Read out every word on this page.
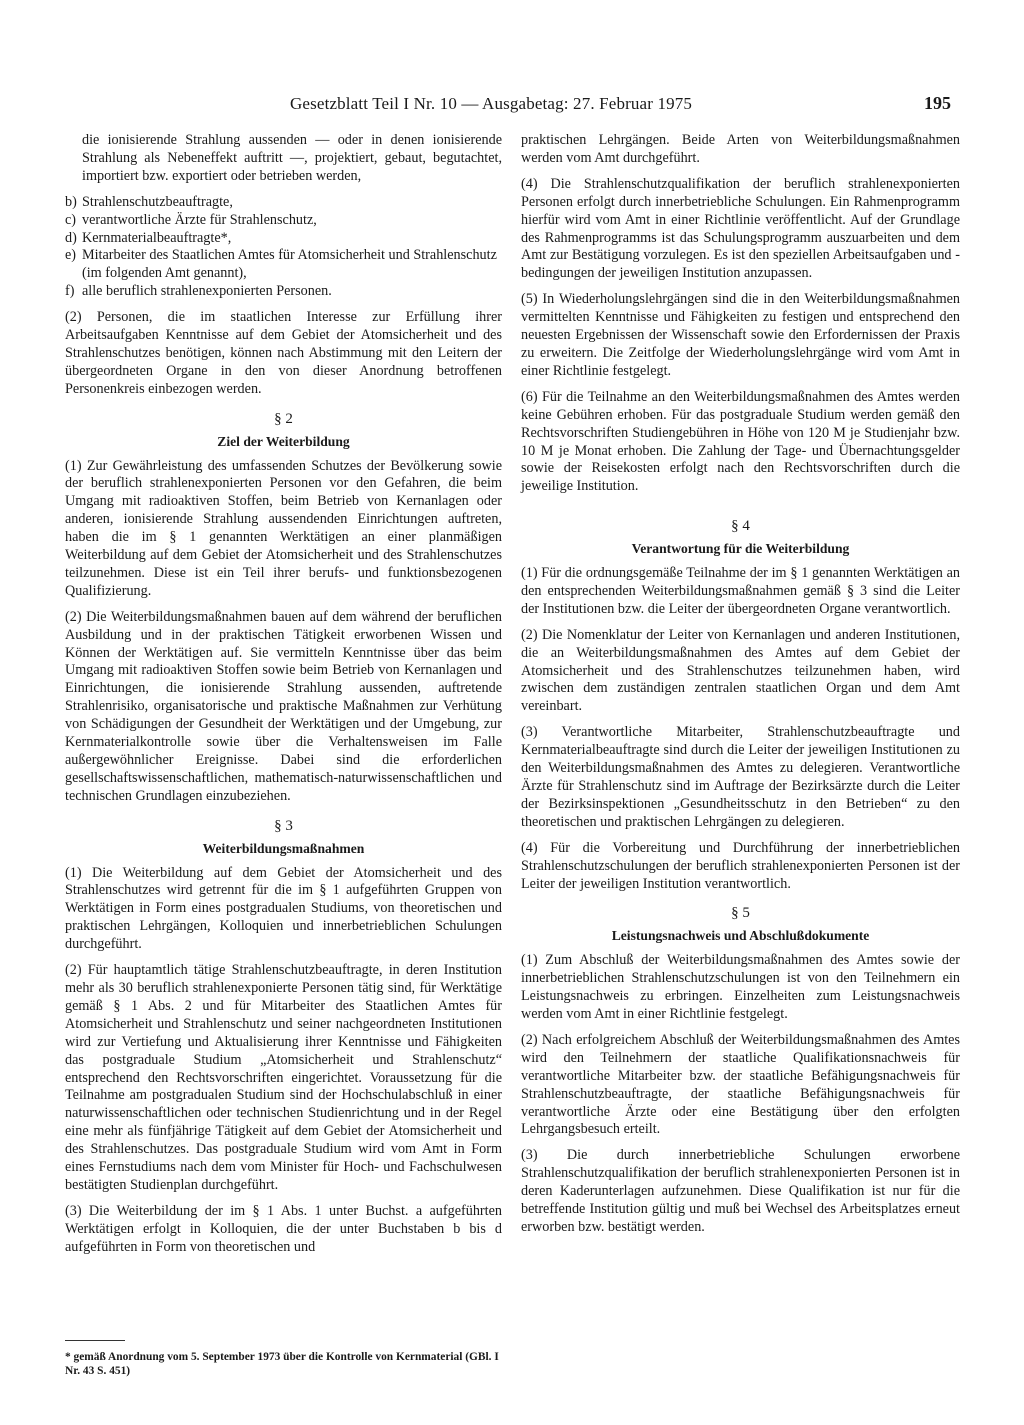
Gesetzblatt Teil I Nr. 10 — Ausgabetag: 27. Februar 1975	195

die ionisierende Strahlung aussenden — oder in denen ionisierende Strahlung als Nebeneffekt auftritt —, projektiert, gebaut, begutachtet, importiert bzw. exportiert oder betrieben werden,

b) Strahlenschutzbeauftragte,
c) verantwortliche Ärzte für Strahlenschutz,
d) Kernmaterialbeauftragte*,
e) Mitarbeiter des Staatlichen Amtes für Atomsicherheit und Strahlenschutz (im folgenden Amt genannt),
f) alle beruflich strahlenexponierten Personen.

(2) Personen, die im staatlichen Interesse zur Erfüllung ihrer Arbeitsaufgaben Kenntnisse auf dem Gebiet der Atomsicherheit und des Strahlenschutzes benötigen, können nach Abstimmung mit den Leitern der übergeordneten Organe in den von dieser Anordnung betroffenen Personenkreis einbezogen werden.

§ 2
Ziel der Weiterbildung

(1) Zur Gewährleistung des umfassenden Schutzes der Bevölkerung sowie der beruflich strahlenexponierten Personen vor den Gefahren, die beim Umgang mit radioaktiven Stoffen, beim Betrieb von Kernanlagen oder anderen, ionisierende Strahlung aussendenden Einrichtungen auftreten, haben die im § 1 genannten Werktätigen an einer planmäßigen Weiterbildung auf dem Gebiet der Atomsicherheit und des Strahlenschutzes teilzunehmen. Diese ist ein Teil ihrer berufs- und funktionsbezogenen Qualifizierung.

(2) Die Weiterbildungsmaßnahmen bauen auf dem während der beruflichen Ausbildung und in der praktischen Tätigkeit erworbenen Wissen und Können der Werktätigen auf. Sie vermitteln Kenntnisse über das beim Umgang mit radioaktiven Stoffen sowie beim Betrieb von Kernanlagen und Einrichtungen, die ionisierende Strahlung aussenden, auftretende Strahlenrisiko, organisatorische und praktische Maßnahmen zur Verhütung von Schädigungen der Gesundheit der Werktätigen und der Umgebung, zur Kernmaterialkontrolle sowie über die Verhaltensweisen im Falle außergewöhnlicher Ereignisse. Dabei sind die erforderlichen gesellschaftswissenschaftlichen, mathematisch-naturwissenschaftlichen und technischen Grundlagen einzubeziehen.

§ 3
Weiterbildungsmaßnahmen

(1) Die Weiterbildung auf dem Gebiet der Atomsicherheit und des Strahlenschutzes wird getrennt für die im § 1 aufgeführten Gruppen von Werktätigen in Form eines postgradualen Studiums, von theoretischen und praktischen Lehrgängen, Kolloquien und innerbetrieblichen Schulungen durchgeführt.

(2) Für hauptamtlich tätige Strahlenschutzbeauftragte, in deren Institution mehr als 30 beruflich strahlenexponierte Personen tätig sind, für Werktätige gemäß § 1 Abs. 2 und für Mitarbeiter des Staatlichen Amtes für Atomsicherheit und Strahlenschutz und seiner nachgeordneten Institutionen wird zur Vertiefung und Aktualisierung ihrer Kenntnisse und Fähigkeiten das postgraduale Studium „Atomsicherheit und Strahlenschutz“ entsprechend den Rechtsvorschriften eingerichtet. Voraussetzung für die Teilnahme am postgradualen Studium sind der Hochschulabschluß in einer naturwissenschaftlichen oder technischen Studienrichtung und in der Regel eine mehr als fünfjährige Tätigkeit auf dem Gebiet der Atomsicherheit und des Strahlenschutzes. Das postgraduale Studium wird vom Amt in Form eines Fernstudiums nach dem vom Minister für Hoch- und Fachschulwesen bestätigten Studienplan durchgeführt.

(3) Die Weiterbildung der im § 1 Abs. 1 unter Buchst. a aufgeführten Werktätigen erfolgt in Kolloquien, die der unter Buchstaben b bis d aufgeführten in Form von theoretischen und

* gemäß Anordnung vom 5. September 1973 über die Kontrolle von Kernmaterial (GBl. I Nr. 43 S. 451)

praktischen Lehrgängen. Beide Arten von Weiterbildungsmaßnahmen werden vom Amt durchgeführt.

(4) Die Strahlenschutzqualifikation der beruflich strahlenexponierten Personen erfolgt durch innerbetriebliche Schulungen. Ein Rahmenprogramm hierfür wird vom Amt in einer Richtlinie veröffentlicht. Auf der Grundlage des Rahmenprogramms ist das Schulungsprogramm auszuarbeiten und dem Amt zur Bestätigung vorzulegen. Es ist den speziellen Arbeitsaufgaben und -bedingungen der jeweiligen Institution anzupassen.

(5) In Wiederholungslehrgängen sind die in den Weiterbildungsmaßnahmen vermittelten Kenntnisse und Fähigkeiten zu festigen und entsprechend den neuesten Ergebnissen der Wissenschaft sowie den Erfordernissen der Praxis zu erweitern. Die Zeitfolge der Wiederholungslehrgänge wird vom Amt in einer Richtlinie festgelegt.

(6) Für die Teilnahme an den Weiterbildungsmaßnahmen des Amtes werden keine Gebühren erhoben. Für das postgraduale Studium werden gemäß den Rechtsvorschriften Studiengebühren in Höhe von 120 M je Studienjahr bzw. 10 M je Monat erhoben. Die Zahlung der Tage- und Übernachtungsgelder sowie der Reisekosten erfolgt nach den Rechtsvorschriften durch die jeweilige Institution.

§ 4
Verantwortung für die Weiterbildung

(1) Für die ordnungsgemäße Teilnahme der im § 1 genannten Werktätigen an den entsprechenden Weiterbildungsmaßnahmen gemäß § 3 sind die Leiter der Institutionen bzw. die Leiter der übergeordneten Organe verantwortlich.

(2) Die Nomenklatur der Leiter von Kernanlagen und anderen Institutionen, die an Weiterbildungsmaßnahmen des Amtes auf dem Gebiet der Atomsicherheit und des Strahlenschutzes teilzunehmen haben, wird zwischen dem zuständigen zentralen staatlichen Organ und dem Amt vereinbart.

(3) Verantwortliche Mitarbeiter, Strahlenschutzbeauftragte und Kernmaterialbeauftragte sind durch die Leiter der jeweiligen Institutionen zu den Weiterbildungsmaßnahmen des Amtes zu delegieren. Verantwortliche Ärzte für Strahlenschutz sind im Auftrage der Bezirksärzte durch die Leiter der Bezirksinspektionen „Gesundheitsschutz in den Betrieben“ zu den theoretischen und praktischen Lehrgängen zu delegieren.

(4) Für die Vorbereitung und Durchführung der innerbetrieblichen Strahlenschutzschulungen der beruflich strahlenexponierten Personen ist der Leiter der jeweiligen Institution verantwortlich.

§ 5
Leistungsnachweis und Abschlußdokumente

(1) Zum Abschluß der Weiterbildungsmaßnahmen des Amtes sowie der innerbetrieblichen Strahlenschutzschulungen ist von den Teilnehmern ein Leistungsnachweis zu erbringen. Einzelheiten zum Leistungsnachweis werden vom Amt in einer Richtlinie festgelegt.

(2) Nach erfolgreichem Abschluß der Weiterbildungsmaßnahmen des Amtes wird den Teilnehmern der staatliche Qualifikationsnachweis für verantwortliche Mitarbeiter bzw. der staatliche Befähigungsnachweis für Strahlenschutzbeauftragte, der staatliche Befähigungsnachweis für verantwortliche Ärzte oder eine Bestätigung über den erfolgten Lehrgangsbesuch erteilt.

(3) Die durch innerbetriebliche Schulungen erworbene Strahlenschutzqualifikation der beruflich strahlenexponierten Personen ist in deren Kaderunterlagen aufzunehmen. Diese Qualifikation ist nur für die betreffende Institution gültig und muß bei Wechsel des Arbeitsplatzes erneut erworben bzw. bestätigt werden.
